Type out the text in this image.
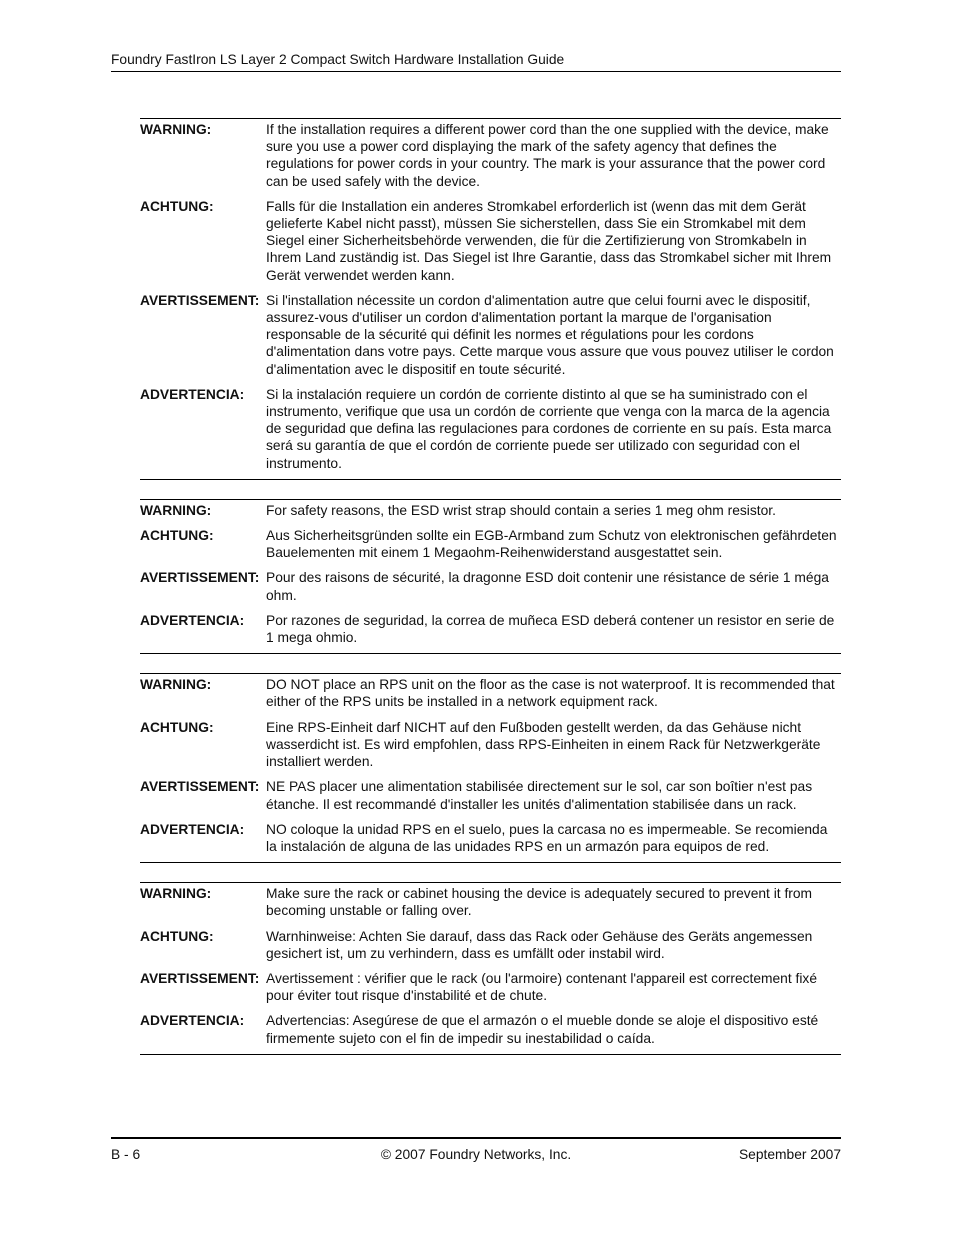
Foundry FastIron LS Layer 2 Compact Switch Hardware Installation Guide
WARNING:	If the installation requires a different power cord than the one supplied with the device, make sure you use a power cord displaying the mark of the safety agency that defines the regulations for power cords in your country. The mark is your assurance that the power cord can be used safely with the device.
ACHTUNG:	Falls für die Installation ein anderes Stromkabel erforderlich ist (wenn das mit dem Gerät gelieferte Kabel nicht passt), müssen Sie sicherstellen, dass Sie ein Stromkabel mit dem Siegel einer Sicherheitsbehörde verwenden, die für die Zertifizierung von Stromkabeln in Ihrem Land zuständig ist. Das Siegel ist Ihre Garantie, dass das Stromkabel sicher mit Ihrem Gerät verwendet werden kann.
AVERTISSEMENT: Si l'installation nécessite un cordon d'alimentation autre que celui fourni avec le dispositif, assurez-vous d'utiliser un cordon d'alimentation portant la marque de l'organisation responsable de la sécurité qui définit les normes et régulations pour les cordons d'alimentation dans votre pays. Cette marque vous assure que vous pouvez utiliser le cordon d'alimentation avec le dispositif en toute sécurité.
ADVERTENCIA:	Si la instalación requiere un cordón de corriente distinto al que se ha suministrado con el instrumento, verifique que usa un cordón de corriente que venga con la marca de la agencia de seguridad que defina las regulaciones para cordones de corriente en su país. Esta marca será su garantía de que el cordón de corriente puede ser utilizado con seguridad con el instrumento.
WARNING:	For safety reasons, the ESD wrist strap should contain a series 1 meg ohm resistor.
ACHTUNG:	Aus Sicherheitsgründen sollte ein EGB-Armband zum Schutz von elektronischen gefährdeten Bauelementen mit einem 1 Megaohm-Reihenwiderstand ausgestattet sein.
AVERTISSEMENT: Pour des raisons de sécurité, la dragonne ESD doit contenir une résistance de série 1 méga ohm.
ADVERTENCIA:	Por razones de seguridad, la correa de muñeca ESD deberá contener un resistor en serie de 1 mega ohmio.
WARNING:	DO NOT place an RPS unit on the floor as the case is not waterproof. It is recommended that either of the RPS units be installed in a network equipment rack.
ACHTUNG:	Eine RPS-Einheit darf NICHT auf den Fußboden gestellt werden, da das Gehäuse nicht wasserdicht ist. Es wird empfohlen, dass RPS-Einheiten in einem Rack für Netzwerkgeräte installiert werden.
AVERTISSEMENT: NE PAS placer une alimentation stabilisée directement sur le sol, car son boîtier n'est pas étanche. Il est recommandé d'installer les unités d'alimentation stabilisée dans un rack.
ADVERTENCIA:	NO coloque la unidad RPS en el suelo, pues la carcasa no es impermeable. Se recomienda la instalación de alguna de las unidades RPS en un armazón para equipos de red.
WARNING:	Make sure the rack or cabinet housing the device is adequately secured to prevent it from becoming unstable or falling over.
ACHTUNG:	Warnhinweise: Achten Sie darauf, dass das Rack oder Gehäuse des Geräts angemessen gesichert ist, um zu verhindern, dass es umfällt oder instabil wird.
AVERTISSEMENT: Avertissement : vérifier que le rack (ou l'armoire) contenant l'appareil est correctement fixé pour éviter tout risque d'instabilité et de chute.
ADVERTENCIA:	Advertencias: Asegúrese de que el armazón o el mueble donde se aloje el dispositivo esté firmemente sujeto con el fin de impedir su inestabilidad o caída.
B - 6	© 2007 Foundry Networks, Inc.	September 2007
